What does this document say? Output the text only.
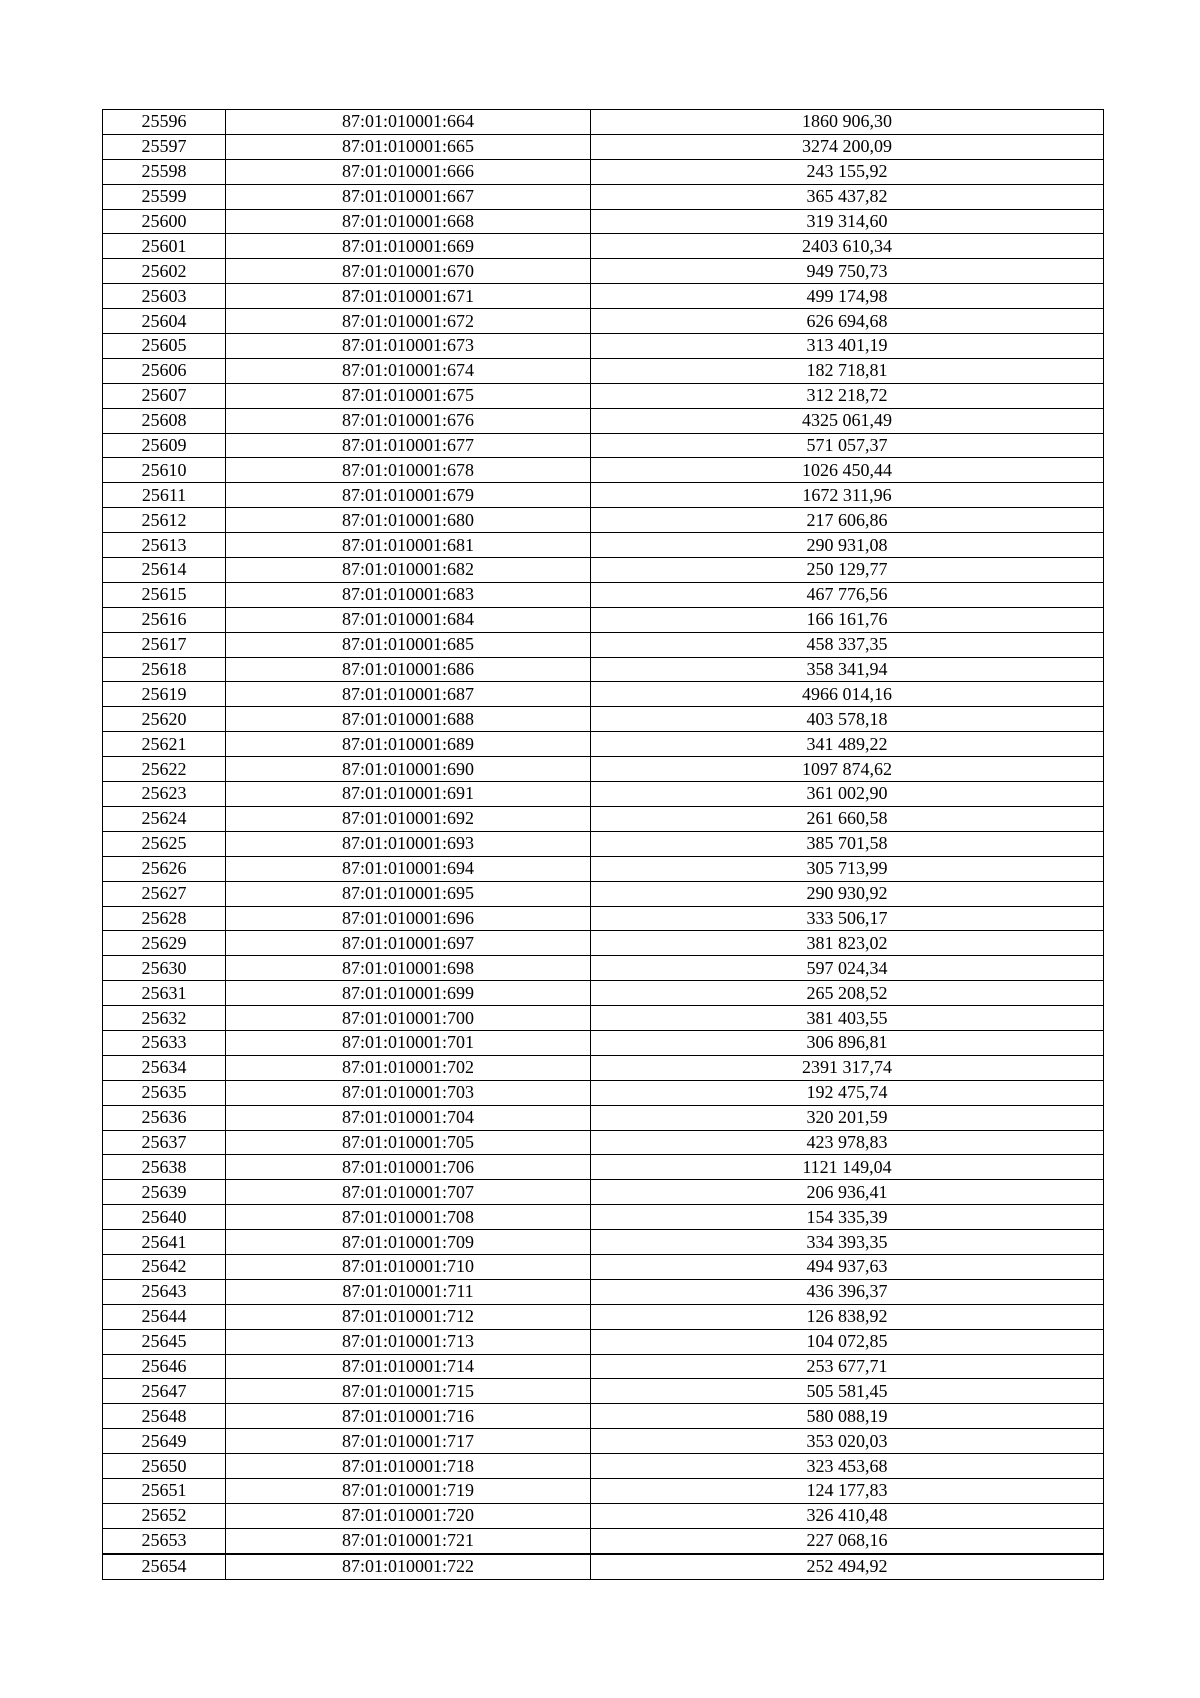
25596	87:01:010001:664	1860 906,30
25597	87:01:010001:665	3274 200,09
25598	87:01:010001:666	243 155,92
25599	87:01:010001:667	365 437,82
25600	87:01:010001:668	319 314,60
25601	87:01:010001:669	2403 610,34
25602	87:01:010001:670	949 750,73
25603	87:01:010001:671	499 174,98
25604	87:01:010001:672	626 694,68
25605	87:01:010001:673	313 401,19
25606	87:01:010001:674	182 718,81
25607	87:01:010001:675	312 218,72
25608	87:01:010001:676	4325 061,49
25609	87:01:010001:677	571 057,37
25610	87:01:010001:678	1026 450,44
25611	87:01:010001:679	1672 311,96
25612	87:01:010001:680	217 606,86
25613	87:01:010001:681	290 931,08
25614	87:01:010001:682	250 129,77
25615	87:01:010001:683	467 776,56
25616	87:01:010001:684	166 161,76
25617	87:01:010001:685	458 337,35
25618	87:01:010001:686	358 341,94
25619	87:01:010001:687	4966 014,16
25620	87:01:010001:688	403 578,18
25621	87:01:010001:689	341 489,22
25622	87:01:010001:690	1097 874,62
25623	87:01:010001:691	361 002,90
25624	87:01:010001:692	261 660,58
25625	87:01:010001:693	385 701,58
25626	87:01:010001:694	305 713,99
25627	87:01:010001:695	290 930,92
25628	87:01:010001:696	333 506,17
25629	87:01:010001:697	381 823,02
25630	87:01:010001:698	597 024,34
25631	87:01:010001:699	265 208,52
25632	87:01:010001:700	381 403,55
25633	87:01:010001:701	306 896,81
25634	87:01:010001:702	2391 317,74
25635	87:01:010001:703	192 475,74
25636	87:01:010001:704	320 201,59
25637	87:01:010001:705	423 978,83
25638	87:01:010001:706	1121 149,04
25639	87:01:010001:707	206 936,41
25640	87:01:010001:708	154 335,39
25641	87:01:010001:709	334 393,35
25642	87:01:010001:710	494 937,63
25643	87:01:010001:711	436 396,37
25644	87:01:010001:712	126 838,92
25645	87:01:010001:713	104 072,85
25646	87:01:010001:714	253 677,71
25647	87:01:010001:715	505 581,45
25648	87:01:010001:716	580 088,19
25649	87:01:010001:717	353 020,03
25650	87:01:010001:718	323 453,68
25651	87:01:010001:719	124 177,83
25652	87:01:010001:720	326 410,48
25653	87:01:010001:721	227 068,16
25654	87:01:010001:722	252 494,92
